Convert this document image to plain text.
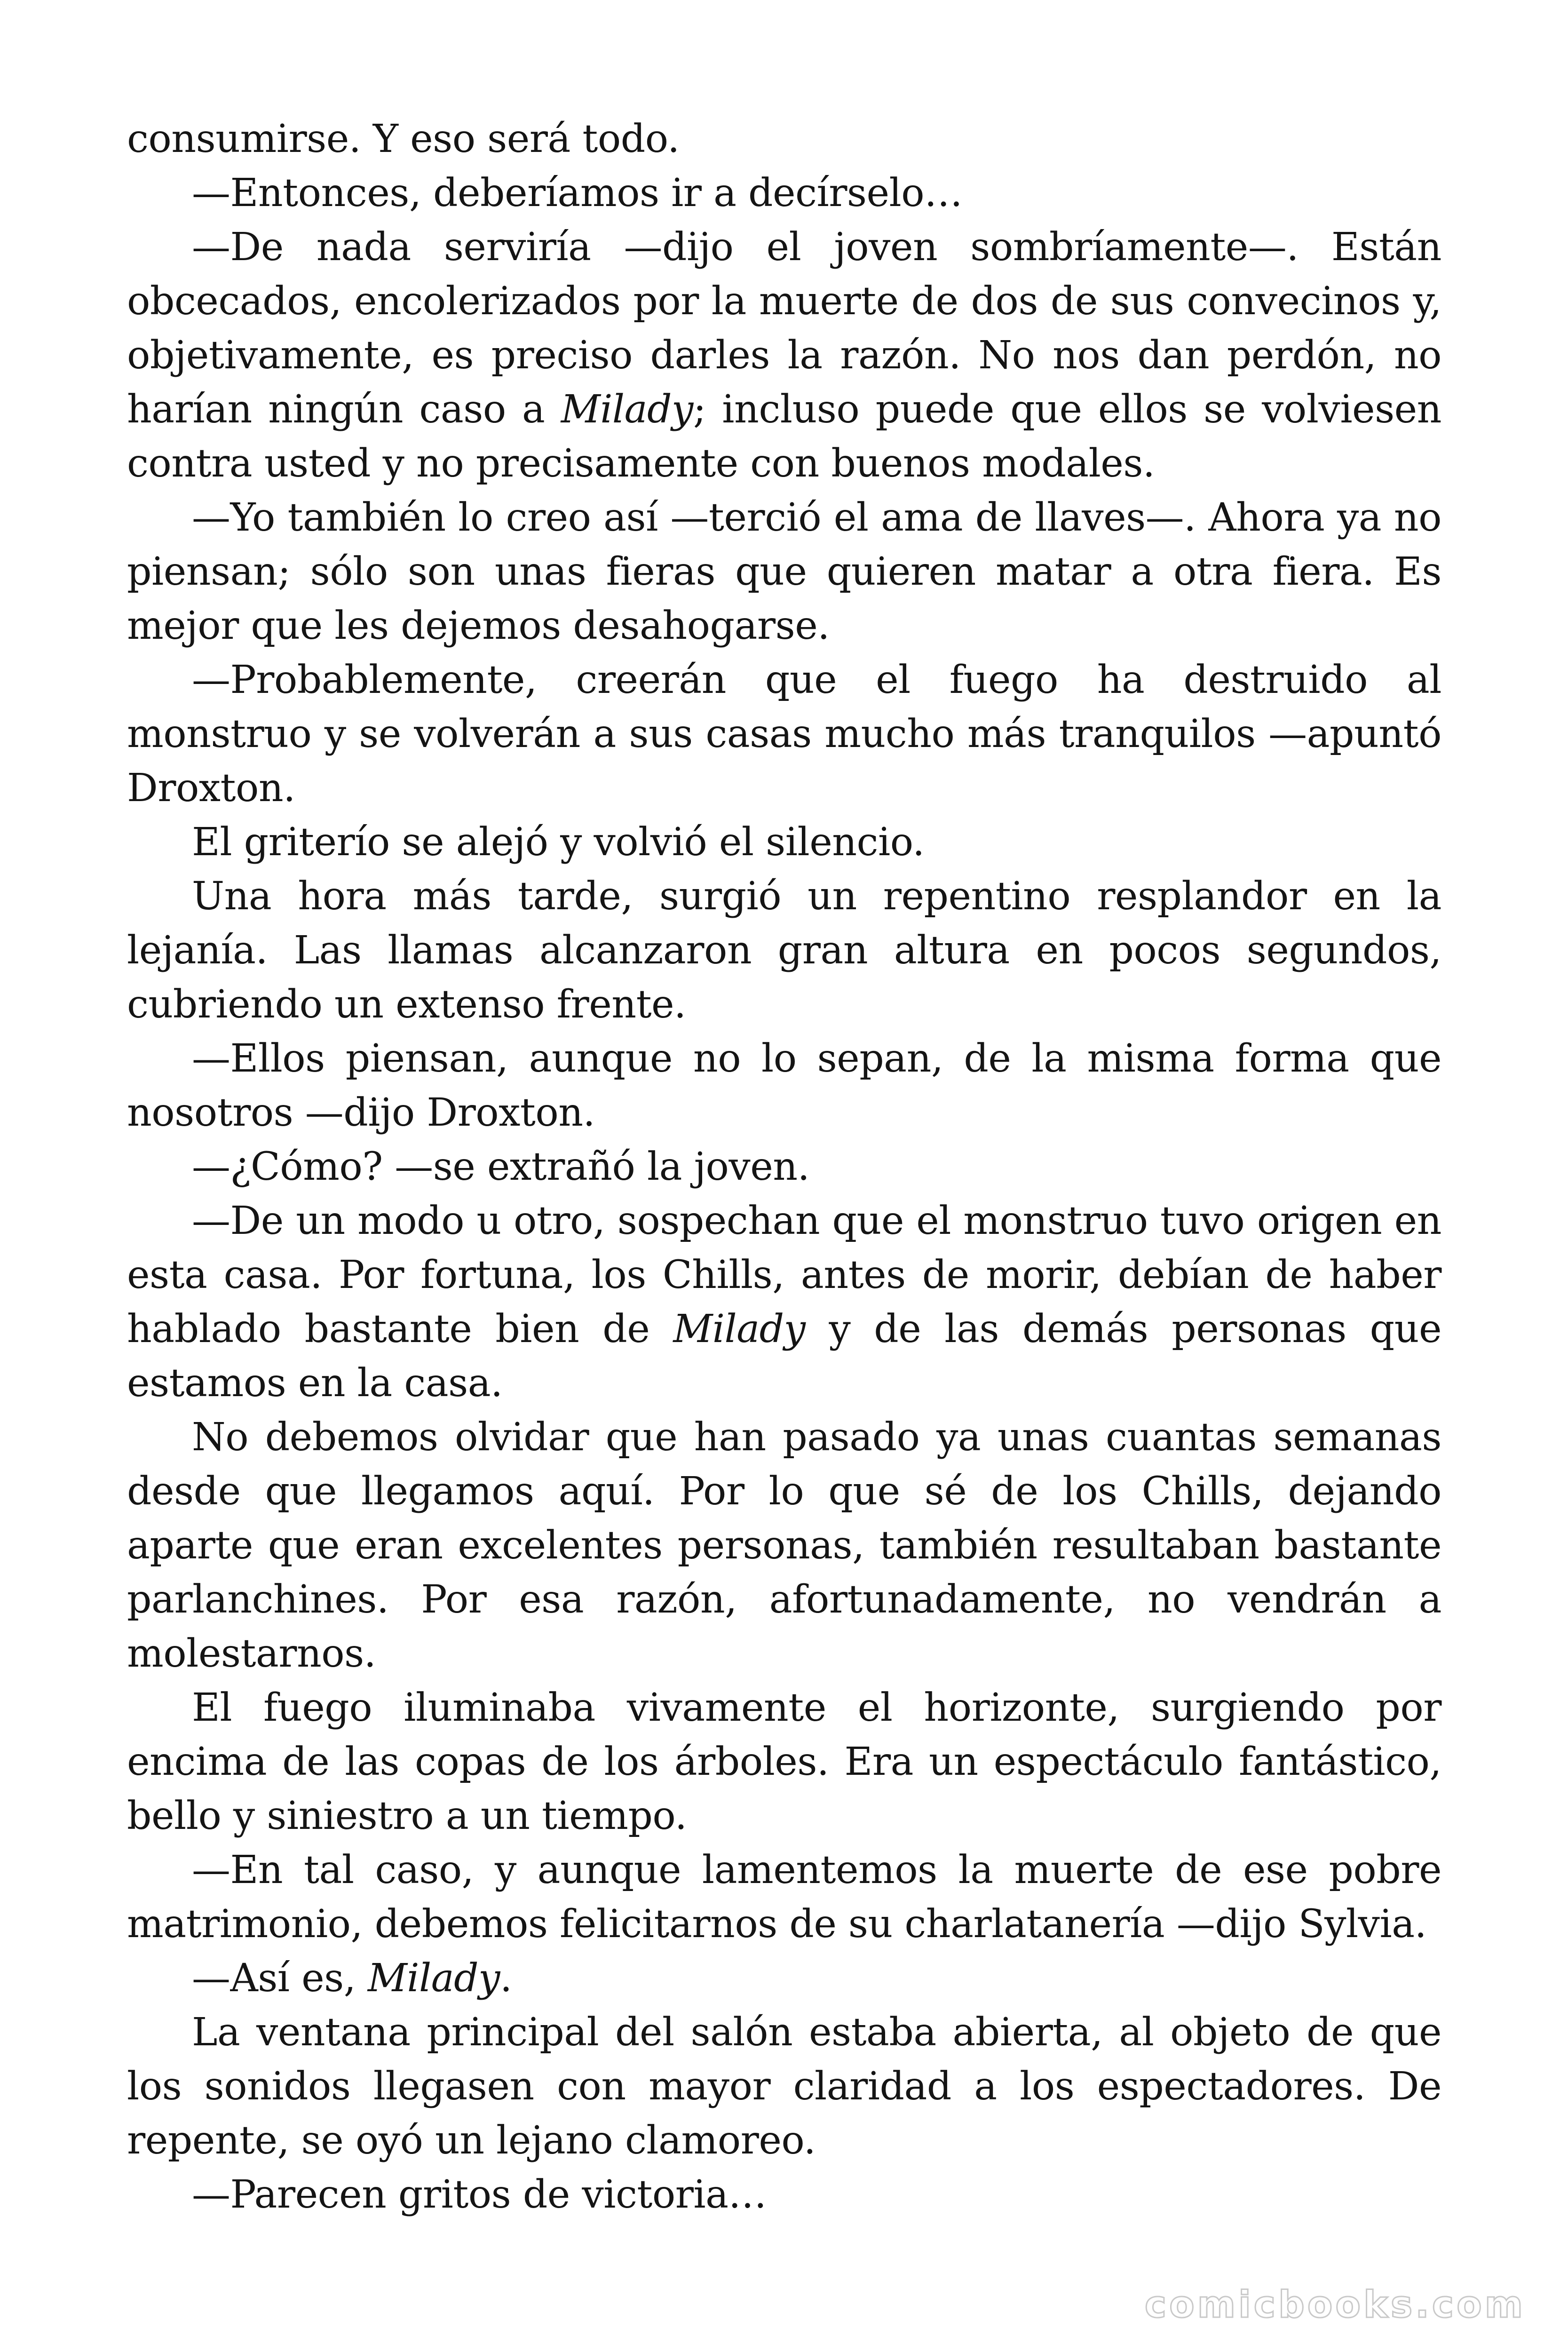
consumirse. Y eso será todo.

—Entonces, deberíamos ir a decírselo…

—De nada serviría —dijo el joven sombríamente—. Están obcecados, encolerizados por la muerte de dos de sus convecinos y, objetivamente, es preciso darles la razón. No nos dan perdón, no harían ningún caso a Milady; incluso puede que ellos se volviesen contra usted y no precisamente con buenos modales.

—Yo también lo creo así —terció el ama de llaves—. Ahora ya no piensan; sólo son unas fieras que quieren matar a otra fiera. Es mejor que les dejemos desahogarse.

—Probablemente, creerán que el fuego ha destruido al monstruo y se volverán a sus casas mucho más tranquilos —apuntó Droxton.

El griterío se alejó y volvió el silencio.

Una hora más tarde, surgió un repentino resplandor en la lejanía. Las llamas alcanzaron gran altura en pocos segundos, cubriendo un extenso frente.

—Ellos piensan, aunque no lo sepan, de la misma forma que nosotros —dijo Droxton.

—¿Cómo? —se extrañó la joven.

—De un modo u otro, sospechan que el monstruo tuvo origen en esta casa. Por fortuna, los Chills, antes de morir, debían de haber hablado bastante bien de Milady y de las demás personas que estamos en la casa.

No debemos olvidar que han pasado ya unas cuantas semanas desde que llegamos aquí. Por lo que sé de los Chills, dejando aparte que eran excelentes personas, también resultaban bastante parlanchines. Por esa razón, afortunadamente, no vendrán a molestarnos.

El fuego iluminaba vivamente el horizonte, surgiendo por encima de las copas de los árboles. Era un espectáculo fantástico, bello y siniestro a un tiempo.

—En tal caso, y aunque lamentemos la muerte de ese pobre matrimonio, debemos felicitarnos de su charlatanería —dijo Sylvia.

—Así es, Milady.

La ventana principal del salón estaba abierta, al objeto de que los sonidos llegasen con mayor claridad a los espectadores. De repente, se oyó un lejano clamoreo.

—Parecen gritos de victoria…

comicbooks.com
